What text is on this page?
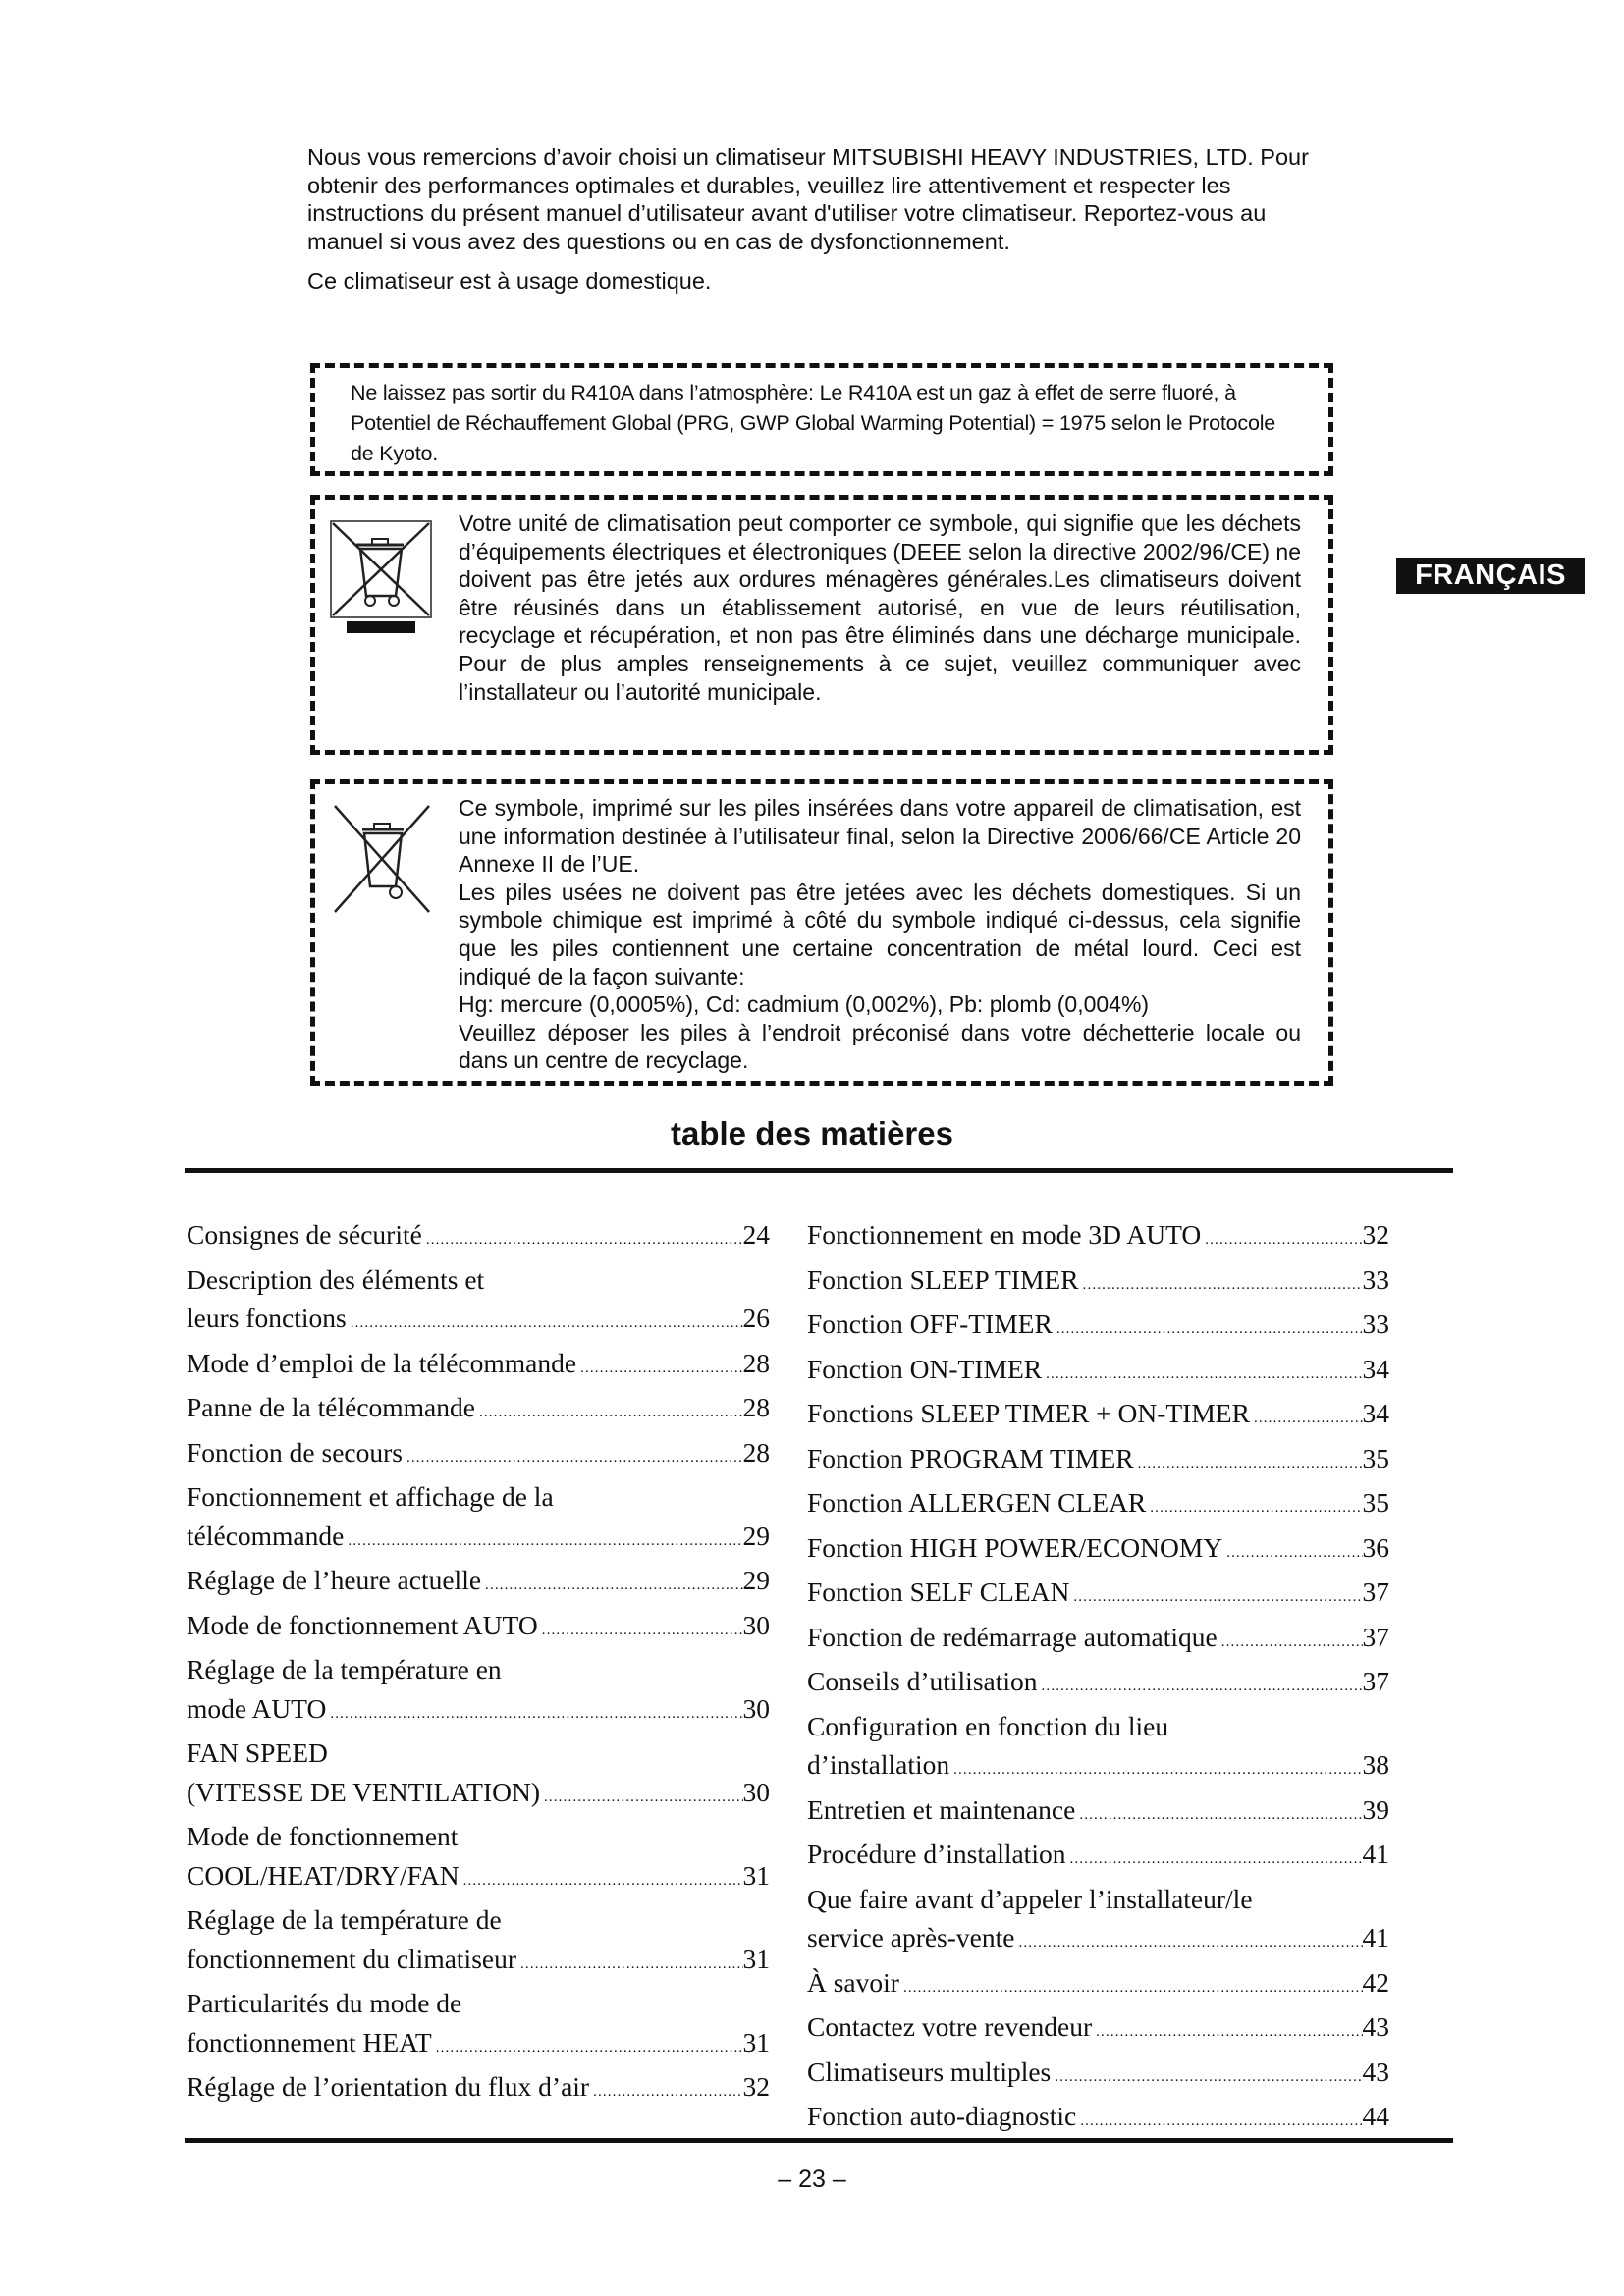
Nous vous remercions d’avoir choisi un climatiseur MITSUBISHI HEAVY INDUSTRIES, LTD. Pour obtenir des performances optimales et durables, veuillez lire attentivement et respecter les instructions du présent manuel d’utilisateur avant d'utiliser votre climatiseur. Reportez-vous au manuel si vous avez des questions ou en cas de dysfonctionnement.

Ce climatiseur est à usage domestique.

Ne laissez pas sortir du R410A dans l’atmosphère: Le R410A est un gaz à effet de serre fluoré, à Potentiel de Réchauffement Global (PRG, GWP Global Warming Potential) = 1975 selon le Protocole de Kyoto.

Votre unité de climatisation peut comporter ce symbole, qui signifie que les déchets d’équipements électriques et électroniques (DEEE selon la directive 2002/96/CE) ne doivent pas être jetés aux ordures ménagères générales.Les climatiseurs doivent être réusinés dans un établissement autorisé, en vue de leurs réutilisation, recyclage et récupération, et non pas être éliminés dans une décharge municipale. Pour de plus amples renseignements à ce sujet, veuillez communiquer avec l’installateur ou l’autorité municipale.

FRANÇAIS

Ce symbole, imprimé sur les piles insérées dans votre appareil de climatisation, est une information destinée à l’utilisateur final, selon la Directive 2006/66/CE Article 20 Annexe II de l’UE.

Les piles usées ne doivent pas être jetées avec les déchets domestiques. Si un symbole chimique est imprimé à côté du symbole indiqué ci-dessus, cela signifie que les piles contiennent une certaine concentration de métal lourd. Ceci est indiqué de la façon suivante:

Hg: mercure (0,0005%), Cd: cadmium (0,002%), Pb: plomb (0,004%)

Veuillez déposer les piles à l’endroit préconisé dans votre déchetterie locale ou dans un centre de recyclage.

table des matières
Consignes de sécurité . . .	24
Description des éléments et
leurs fonctions . . .	26
Mode d’emploi de la télécommande . . .	28
Panne de la télécommande . . .	28
Fonction de secours . . .	28
Fonctionnement et affichage de la
télécommande . . .	29
Réglage de l’heure actuelle . . .	29
Mode de fonctionnement AUTO . . .	30
Réglage de la température en
mode AUTO . . .	30
FAN SPEED
(VITESSE DE VENTILATION) . . .	30
Mode de fonctionnement
COOL/HEAT/DRY/FAN . . .	31
Réglage de la température de
fonctionnement du climatiseur . . .	31
Particularités du mode de
fonctionnement HEAT . . .	31
Réglage de l’orientation du flux d’air . . .	32
Fonctionnement en mode 3D AUTO . . .	32
Fonction SLEEP TIMER . . .	33
Fonction OFF-TIMER . . .	33
Fonction ON-TIMER . . .	34
Fonctions SLEEP TIMER + ON-TIMER . . .	34
Fonction PROGRAM TIMER . . .	35
Fonction ALLERGEN CLEAR . . .	35
Fonction HIGH POWER/ECONOMY . . .	36
Fonction SELF CLEAN . . .	37
Fonction de redémarrage automatique . . .	37
Conseils d’utilisation . . .	37
Configuration en fonction du lieu
d’installation . . .	38
Entretien et maintenance . . .	39
Procédure d’installation . . .	41
Que faire avant d’appeler l’installateur/le
service après-vente . . .	41
À savoir . . .	42
Contactez votre revendeur . . .	43
Climatiseurs multiples . . .	43
Fonction auto-diagnostic . . .	44
– 23 –
